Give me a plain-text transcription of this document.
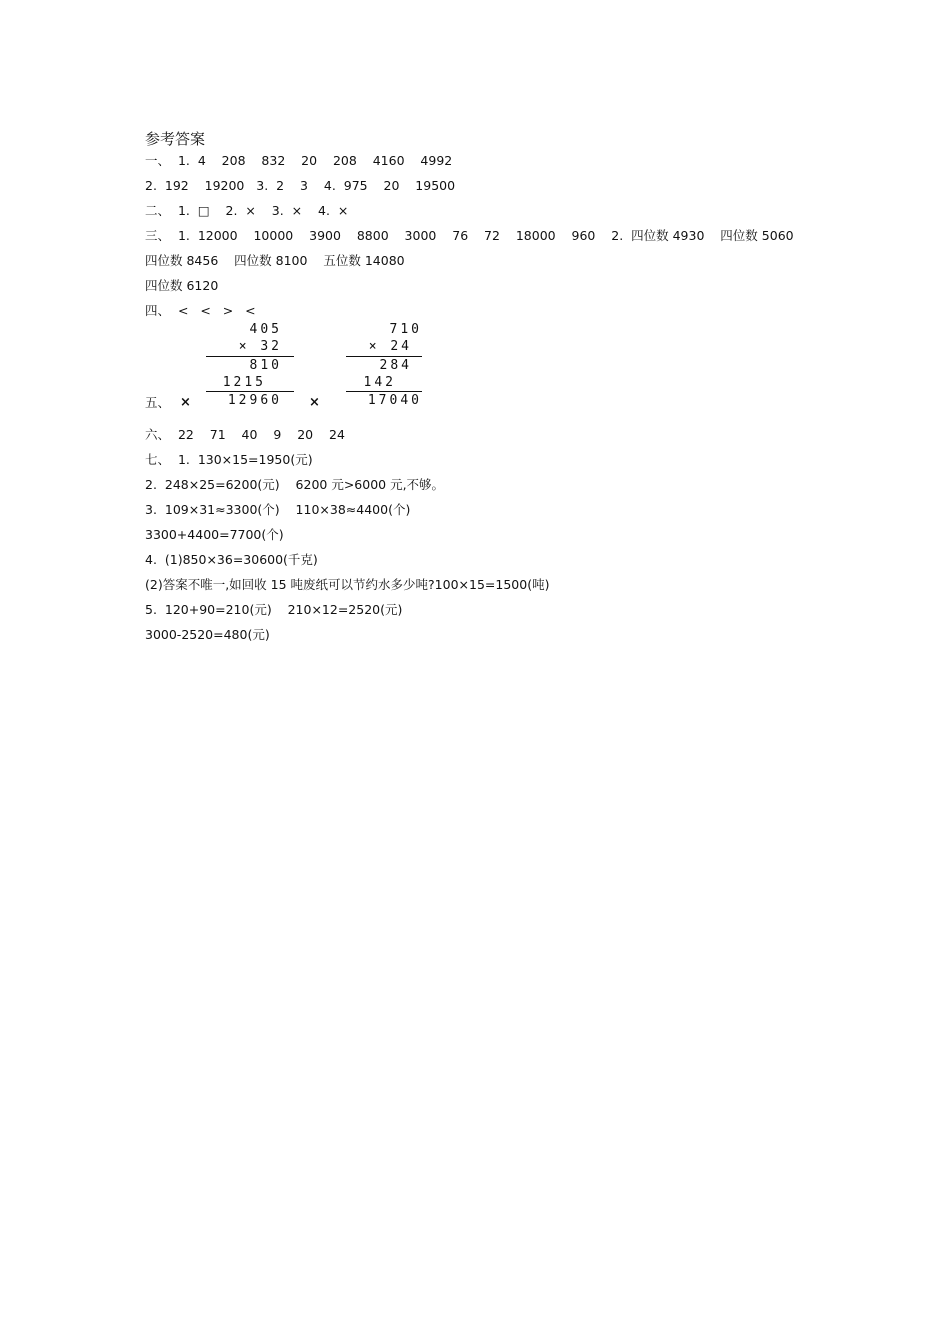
参考答案
一、  1.  4    208    832    20    208    4160    4992
2.  192    19200   3.  2    3    4.  975    20    19500
二、  1.  □    2.  ×    3.  ×    4.  ×
三、  1.  12000    10000    3900    8800    3000    76    72    18000    960    2.  四位数 4930    四位数 5060
四位数 8456    四位数 8100    五位数 14080
四位数 6120
四、  <   <   >   <
五、 ×	×
405
× 32
810
1215
12960
710
× 24
284
142
17040
六、  22    71    40    9    20    24
七、  1.  130×15=1950(元)
2.  248×25=6200(元)    6200 元>6000 元,不够。
3.  109×31≈3300(个)    110×38≈4400(个)
3300+4400=7700(个)
4.  (1)850×36=30600(千克)
(2)答案不唯一,如回收 15 吨废纸可以节约水多少吨?100×15=1500(吨)
5.  120+90=210(元)    210×12=2520(元)
3000-2520=480(元)
